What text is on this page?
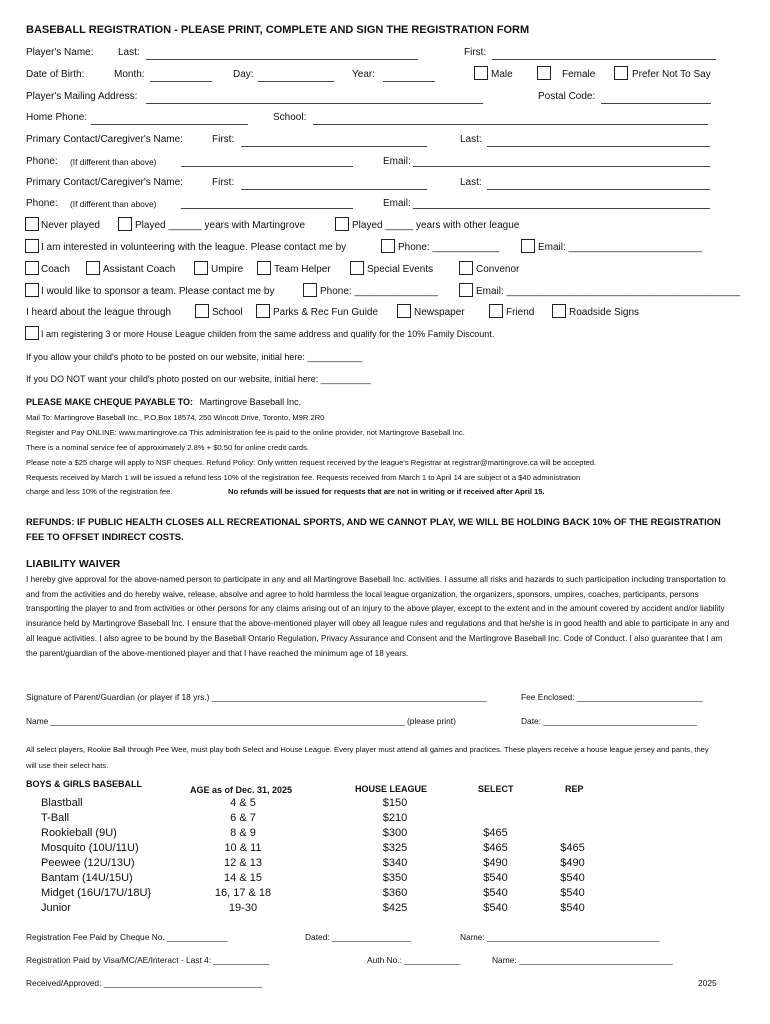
BASEBALL REGISTRATION - PLEASE PRINT, COMPLETE AND SIGN THE REGISTRATION FORM
Player's Name: Last:	First:
Date of Birth:	Month:	Day:	Year:	Male	Female	Prefer Not To Say
Player's Mailing Address:	Postal Code:
Home Phone:	School:
Primary Contact/Caregiver's Name:	First:	Last:
Phone: (If different than above)	Email:
Primary Contact/Caregiver's Name:	First:	Last:
Phone: (If different than above)	Email:
Never played	Played ______ years with Martingrove	Played _____ years with other league
I am interested in volunteering with the league. Please contact me by	Phone: ____________	Email: ________________________
Coach	Assistant Coach	Umpire	Team Helper	Special Events	Convenor
I would like to sponsor a team. Please contact me by	Phone: _______________	Email: __________________________________________
I heard about the league through	School	Parks & Rec Fun Guide	Newspaper	Friend	Roadside Signs
I am registering 3 or more House League childen from the same address and qualify for the 10% Family Discount.
If you allow your child's photo to be posted on our website, initial here: ___________
If you DO NOT want your child's photo posted on our website, initial here: __________
PLEASE MAKE CHEQUE PAYABLE TO: Martingrove Baseball Inc.
Mail To: Martingrove Baseball Inc., P.O.Box 18574, 250 Wincott Drive, Toronto, M9R 2R0
Register and Pay ONLINE: www.martingrove.ca This administration fee is paid to the online provider, not Martingrove Baseball Inc.
There is a nominal service fee of approximately 2.8% + $0.50 for online credit cards.
Please note a $25 charge will apply to NSF cheques. Refund Policy: Only written request received by the league's Registrar at registrar@martingrove.ca will be accepted.
Requests received by March 1 will be issued a refund less 10% of the registration fee. Requests received from March 1 to April 14 are subject ot a $40 administration
charge and less 10% of the registration fee.	No refunds will be issued for requests that are not in writing or if received after April 15.
REFUNDS: IF PUBLIC HEALTH CLOSES ALL RECREATIONAL SPORTS, AND WE CANNOT PLAY, WE WILL BE HOLDING BACK 10% OF THE REGISTRATION FEE TO OFFSET INDIRECT COSTS.
LIABILITY WAIVER
I hereby give approval for the above-named person to participate in any and all Martingrove Baseball Inc. activities. I assume all risks and hazards to such participation including transportation to and from the activities and do hereby waive, release, absolve and agree to hold harmless the local league organization, the organizers, sponsors, umpires, coaches, participants, persons transporting the player to and from activities or other persons for any claims arising out of an injury to the above player, except to the extent and in the amount covered by accident and/or liability insurance held by Martingrove Baseball Inc. I ensure that the above-mentioned player will obey all league rules and regulations and that he/she is in good health and able to participate in any and all league activities. I also agree to be bound by the Baseball Ontario Regulation, Privacy Assurance and Consent and the Martingrove Baseball Inc. Code of Conduct. I also guarantee that I am the parent/guardian of the above-mentioned player and that I have reached the minimum age of 18 years.
Signature of Parent/Guardian (or player if 18 yrs.) ___________________________________________________________	Fee Enclosed: ___________________________
Name ____________________________________________________________________________ (please print)	Date: _________________________________
All select players, Rookie Ball through Pee Wee, must play both Select and House League. Every player must attend all games and practices. These players receive a house league jersey and pants, they will use their select hats.
BOYS & GIRLS BASEBALL
AGE as of Dec. 31, 2025	HOUSE LEAGUE	SELECT	REP
Blastball	4 & 5	$150
T-Ball	6 & 7	$210
Rookieball (9U)	8 & 9	$300	$465
Mosquito (10U/11U)	10 & 11	$325	$465	$465
Peewee (12U/13U)	12 & 13	$340	$490	$490
Bantam (14U/15U)	14 & 15	$350	$540	$540
Midget (16U/17U/18U}	16, 17 & 18	$360	$540	$540
Junior	19-30	$425	$540	$540
Registration Fee Paid by Cheque No. _____________	Dated: _________________	Name: _____________________________________
Registration Paid by Visa/MC/AE/Interact - Last 4: ____________	Auth No.: ____________	Name: _________________________________
Received/Approved: __________________________________	2025
